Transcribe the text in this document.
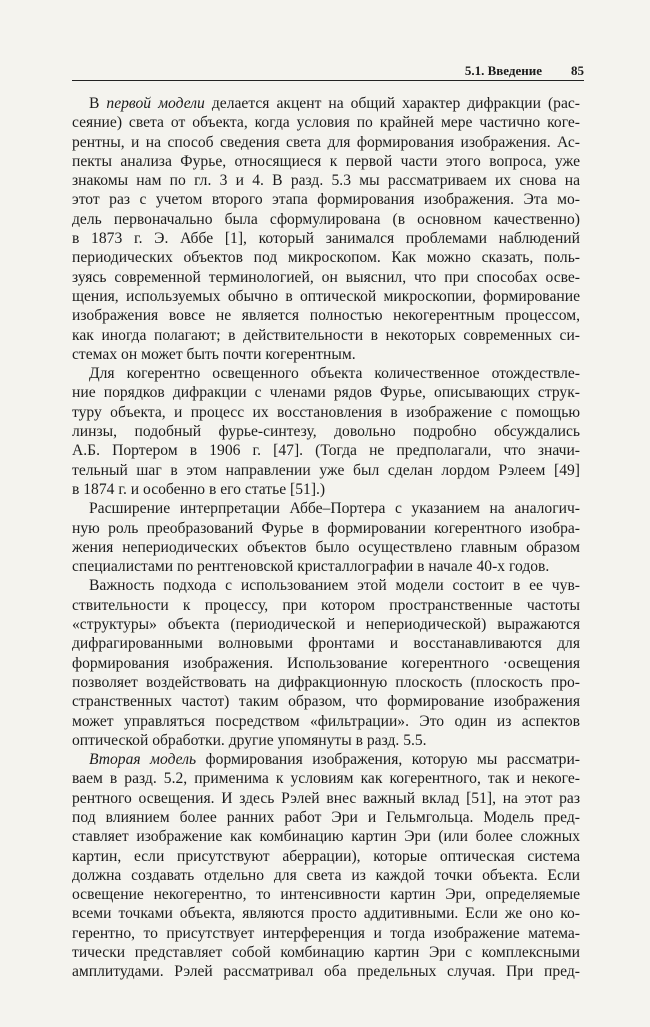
5.1. Введение 85
В первой модели делается акцент на общий характер дифракции (рас-
сеяние) света от объекта, когда условия по крайней мере частично коге-
рентны, и на способ сведения света для формирования изображения. Ас-
пекты анализа Фурье, относящиеся к первой части этого вопроса, уже
знакомы нам по гл. 3 и 4. В разд. 5.3 мы рассматриваем их снова на
этот раз с учетом второго этапа формирования изображения. Эта мо-
дель первоначально была сформулирована (в основном качественно)
в 1873 г. Э. Аббе [1], который занимался проблемами наблюдений
периодических объектов под микроскопом. Как можно сказать, поль-
зуясь современной терминологией, он выяснил, что при способах осве-
щения, используемых обычно в оптической микроскопии, формирование
изображения вовсе не является полностью некогерентным процессом,
как иногда полагают; в действительности в некоторых современных си-
стемах он может быть почти когерентным.
Для когерентно освещенного объекта количественное отождествле-
ние порядков дифракции с членами рядов Фурье, описывающих струк-
туру объекта, и процесс их восстановления в изображение с помощью
линзы, подобный фурье-синтезу, довольно подробно обсуждались
А.Б. Портером в 1906 г. [47]. (Тогда не предполагали, что значи-
тельный шаг в этом направлении уже был сделан лордом Рэлеем [49]
в 1874 г. и особенно в его статье [51].)
Расширение интерпретации Аббе–Портера с указанием на аналогич-
ную роль преобразований Фурье в формировании когерентного изобра-
жения непериодических объектов было осуществлено главным образом
специалистами по рентгеновской кристаллографии в начале 40-х годов.
Важность подхода с использованием этой модели состоит в ее чув-
ствительности к процессу, при котором пространственные частоты
«структуры» объекта (периодической и непериодической) выражаются
дифрагированными волновыми фронтами и восстанавливаются для
формирования изображения. Использование когерентного ·освещения
позволяет воздействовать на дифракционную плоскость (плоскость про-
странственных частот) таким образом, что формирование изображения
может управляться посредством «фильтрации». Это один из аспектов
оптической обработки. другие упомянуты в разд. 5.5.
Вторая модель формирования изображения, которую мы рассматри-
ваем в разд. 5.2, применима к условиям как когерентного, так и некоге-
рентного освещения. И здесь Рэлей внес важный вклад [51], на этот раз
под влиянием более ранних работ Эри и Гельмгольца. Модель пред-
ставляет изображение как комбинацию картин Эри (или более сложных
картин, если присутствуют аберрации), которые оптическая система
должна создавать отдельно для света из каждой точки объекта. Если
освещение некогерентно, то интенсивности картин Эри, определяемые
всеми точками объекта, являются просто аддитивными. Если же оно ко-
герентно, то присутствует интерференция и тогда изображение матема-
тически представляет собой комбинацию картин Эри с комплексными
амплитудами. Рэлей рассматривал оба предельных случая. При пред-
